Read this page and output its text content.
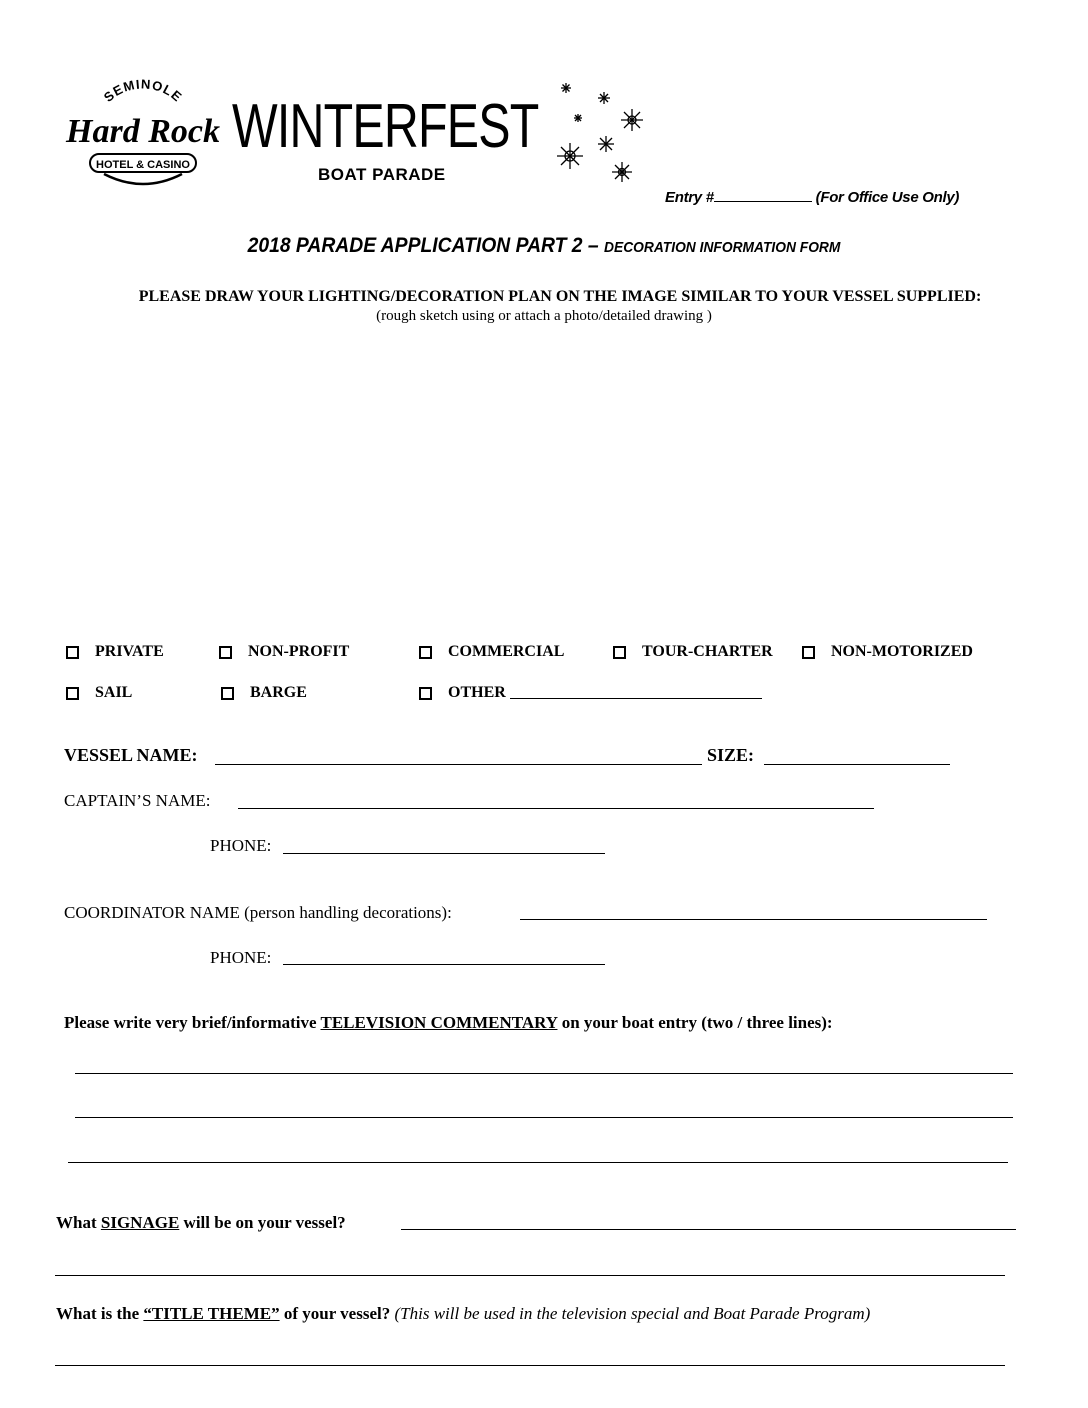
SEMINOLE
Hard Rock
HOTEL & CASINO
WINTERFEST
BOAT PARADE
Entry #	(For Office Use Only)
2018 PARADE APPLICATION PART 2 – DECORATION INFORMATION FORM
PLEASE DRAW YOUR LIGHTING/DECORATION PLAN ON THE IMAGE SIMILAR TO YOUR VESSEL SUPPLIED:
(rough sketch using or attach a photo/detailed drawing )
PRIVATE	NON-PROFIT	COMMERCIAL	TOUR-CHARTER	NON-MOTORIZED
SAIL	BARGE	OTHER
VESSEL NAME:	SIZE:
CAPTAIN’S NAME:
PHONE:
COORDINATOR NAME (person handling decorations):
PHONE:
Please write very brief/informative TELEVISION COMMENTARY on your boat entry (two / three lines):
What SIGNAGE will be on your vessel?
What is the “TITLE THEME” of your vessel? (This will be used in the television special and Boat Parade Program)
